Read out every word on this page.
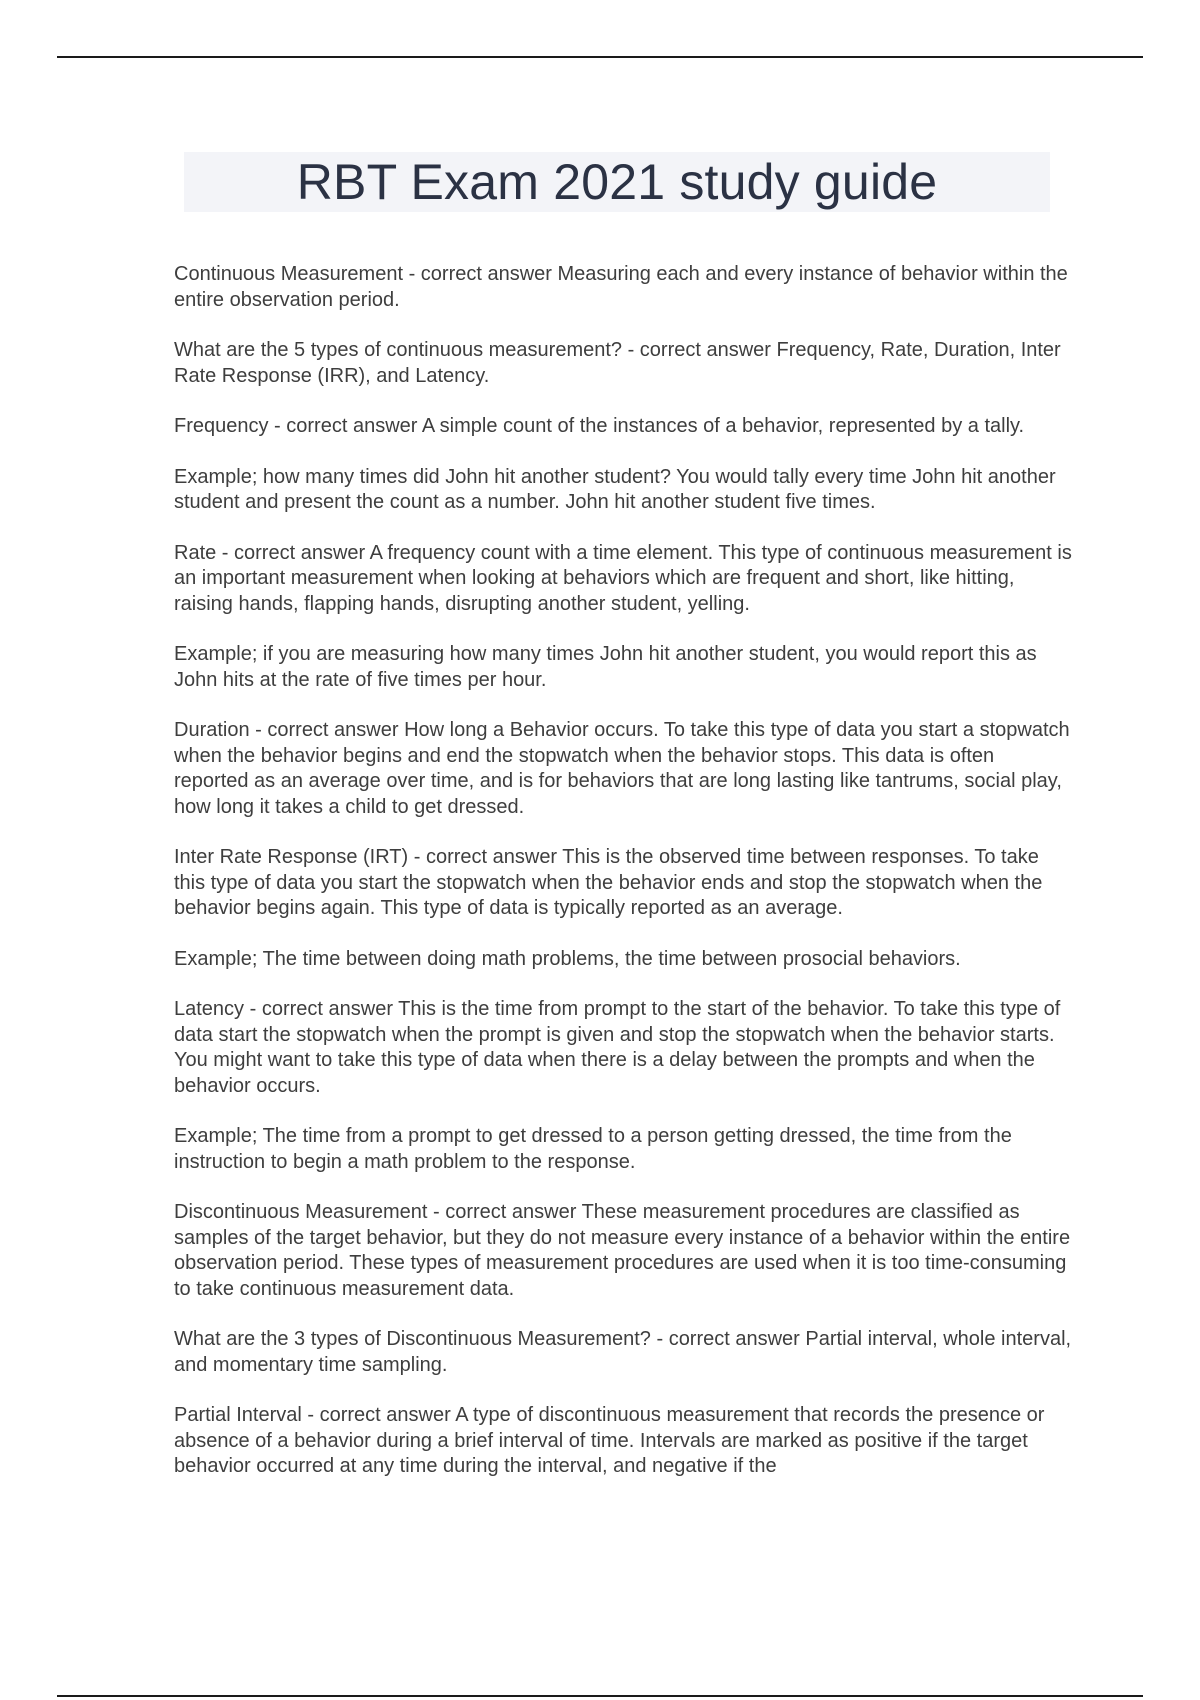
RBT Exam 2021 study guide

Continuous Measurement - correct answer Measuring each and every instance of behavior within the entire observation period.

What are the 5 types of continuous measurement? - correct answer Frequency, Rate, Duration, Inter Rate Response (IRR), and Latency.

Frequency - correct answer A simple count of the instances of a behavior, represented by a tally.

Example; how many times did John hit another student? You would tally every time John hit another student and present the count as a number. John hit another student five times.

Rate - correct answer A frequency count with a time element. This type of continuous measurement is an important measurement when looking at behaviors which are frequent and short, like hitting, raising hands, flapping hands, disrupting another student, yelling.

Example; if you are measuring how many times John hit another student, you would report this as John hits at the rate of five times per hour.

Duration - correct answer How long a Behavior occurs. To take this type of data you start a stopwatch when the behavior begins and end the stopwatch when the behavior stops. This data is often reported as an average over time, and is for behaviors that are long lasting like tantrums, social play, how long it takes a child to get dressed.

Inter Rate Response (IRT) - correct answer This is the observed time between responses. To take this type of data you start the stopwatch when the behavior ends and stop the stopwatch when the behavior begins again. This type of data is typically reported as an average.

Example; The time between doing math problems, the time between prosocial behaviors.

Latency - correct answer This is the time from prompt to the start of the behavior. To take this type of data start the stopwatch when the prompt is given and stop the stopwatch when the behavior starts. You might want to take this type of data when there is a delay between the prompts and when the behavior occurs.

Example; The time from a prompt to get dressed to a person getting dressed, the time from the instruction to begin a math problem to the response.

Discontinuous Measurement - correct answer These measurement procedures are classified as samples of the target behavior, but they do not measure every instance of a behavior within the entire observation period. These types of measurement procedures are used when it is too time-consuming to take continuous measurement data.

What are the 3 types of Discontinuous Measurement? - correct answer Partial interval, whole interval, and momentary time sampling.

Partial Interval - correct answer A type of discontinuous measurement that records the presence or absence of a behavior during a brief interval of time. Intervals are marked as positive if the target behavior occurred at any time during the interval, and negative if the
